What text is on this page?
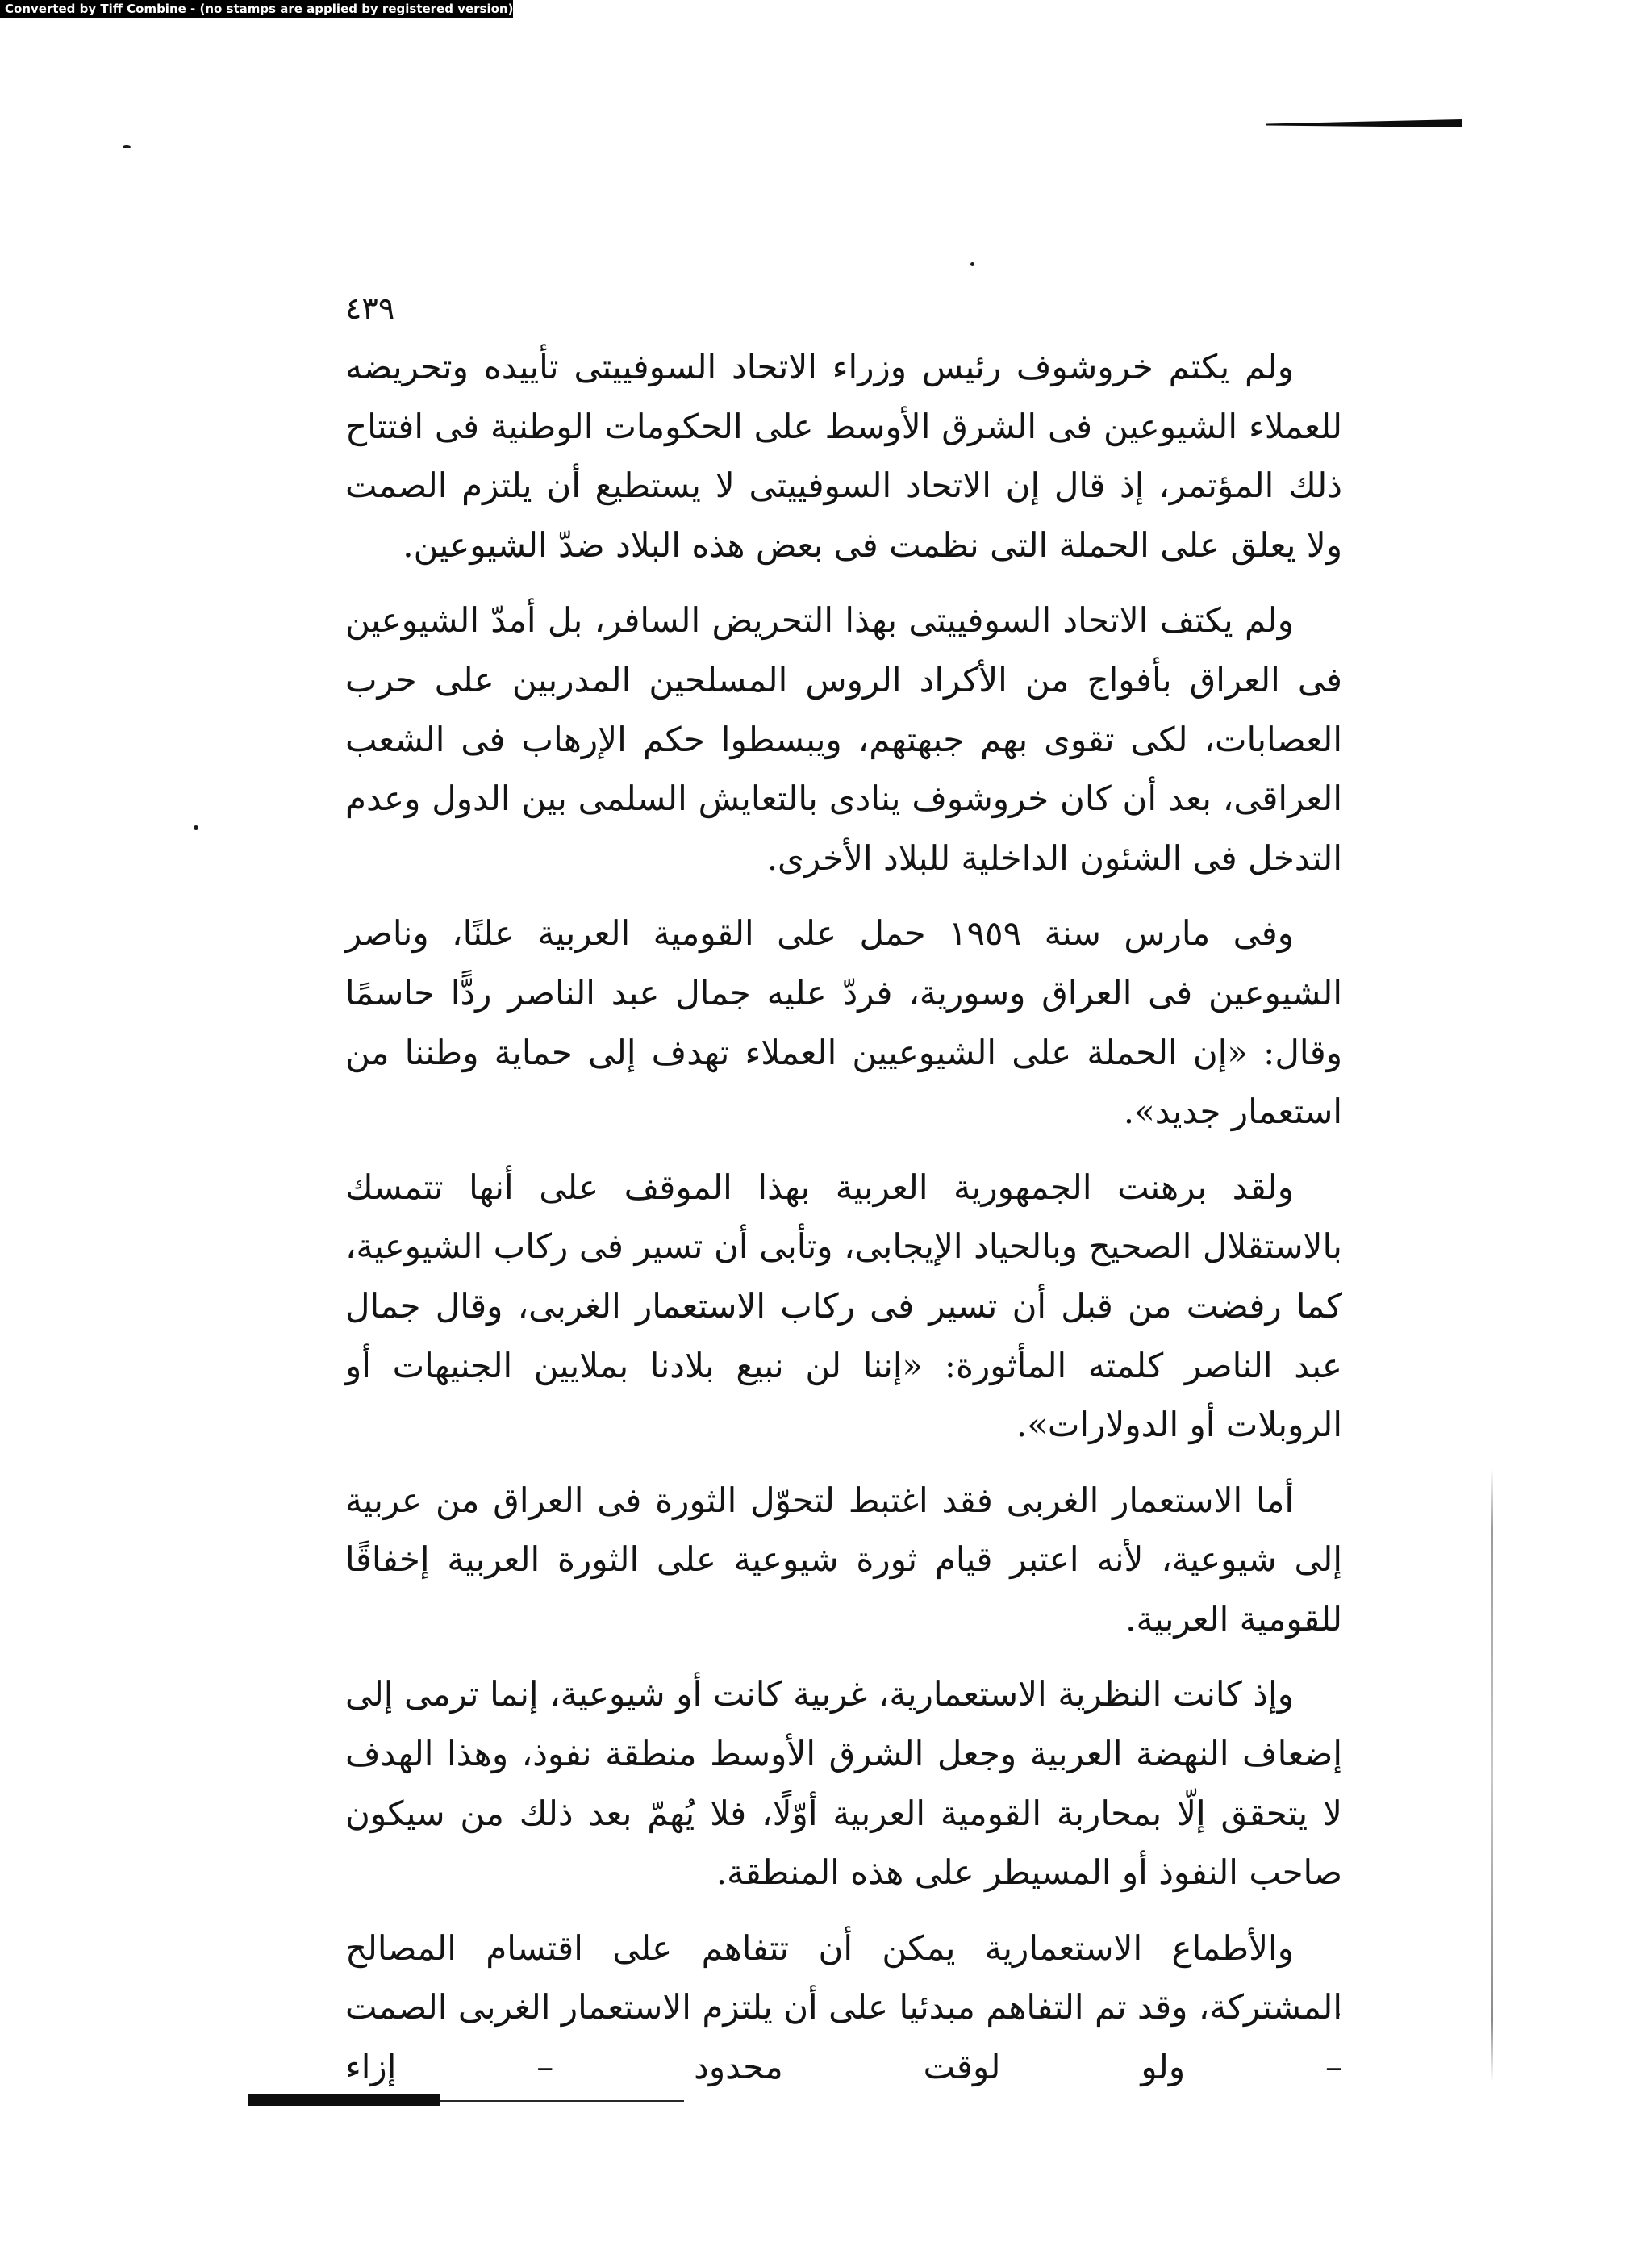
Converted by Tiff Combine - (no stamps are applied by registered version)
٤٣٩

ولم يكتم خروشوف رئيس وزراء الاتحاد السوفييتى تأييده وتحريضه للعملاء الشيوعين فى الشرق الأوسط على الحكومات الوطنية فى افتتاح ذلك المؤتمر، إذ قال إن الاتحاد السوفييتى لا يستطيع أن يلتزم الصمت ولا يعلق على الحملة التى نظمت فى بعض هذه البلاد ضدّ الشيوعين.

ولم يكتف الاتحاد السوفييتى بهذا التحريض السافر، بل أمدّ الشيوعين فى العراق بأفواج من الأكراد الروس المسلحين المدربين على حرب العصابات، لكى تقوى بهم جبهتهم، ويبسطوا حكم الإرهاب فى الشعب العراقى، بعد أن كان خروشوف ينادى بالتعايش السلمى بين الدول وعدم التدخل فى الشئون الداخلية للبلاد الأخرى.

وفى مارس سنة ١٩٥٩ حمل على القومية العربية علنًا، وناصر الشيوعين فى العراق وسورية، فردّ عليه جمال عبد الناصر ردًّا حاسمًا وقال: «إن الحملة على الشيوعيين العملاء تهدف إلى حماية وطننا من استعمار جديد».

ولقد برهنت الجمهورية العربية بهذا الموقف على أنها تتمسك بالاستقلال الصحيح وبالحياد الإيجابى، وتأبى أن تسير فى ركاب الشيوعية، كما رفضت من قبل أن تسير فى ركاب الاستعمار الغربى، وقال جمال عبد الناصر كلمته المأثورة: «إننا لن نبيع بلادنا بملايين الجنيهات أو الروبلات أو الدولارات».

أما الاستعمار الغربى فقد اغتبط لتحوّل الثورة فى العراق من عربية إلى شيوعية، لأنه اعتبر قيام ثورة شيوعية على الثورة العربية إخفاقًا للقومية العربية.

وإذ كانت النظرية الاستعمارية، غربية كانت أو شيوعية، إنما ترمى إلى إضعاف النهضة العربية وجعل الشرق الأوسط منطقة نفوذ، وهذا الهدف لا يتحقق إلّا بمحاربة القومية العربية أوّلًا، فلا يُهمّ بعد ذلك من سيكون صاحب النفوذ أو المسيطر على هذه المنطقة.

والأطماع الاستعمارية يمكن أن تتفاهم على اقتسام المصالح المشتركة، وقد تم التفاهم مبدئيا على أن يلتزم الاستعمار الغربى الصمت – ولو لوقت محدود – إزاء
